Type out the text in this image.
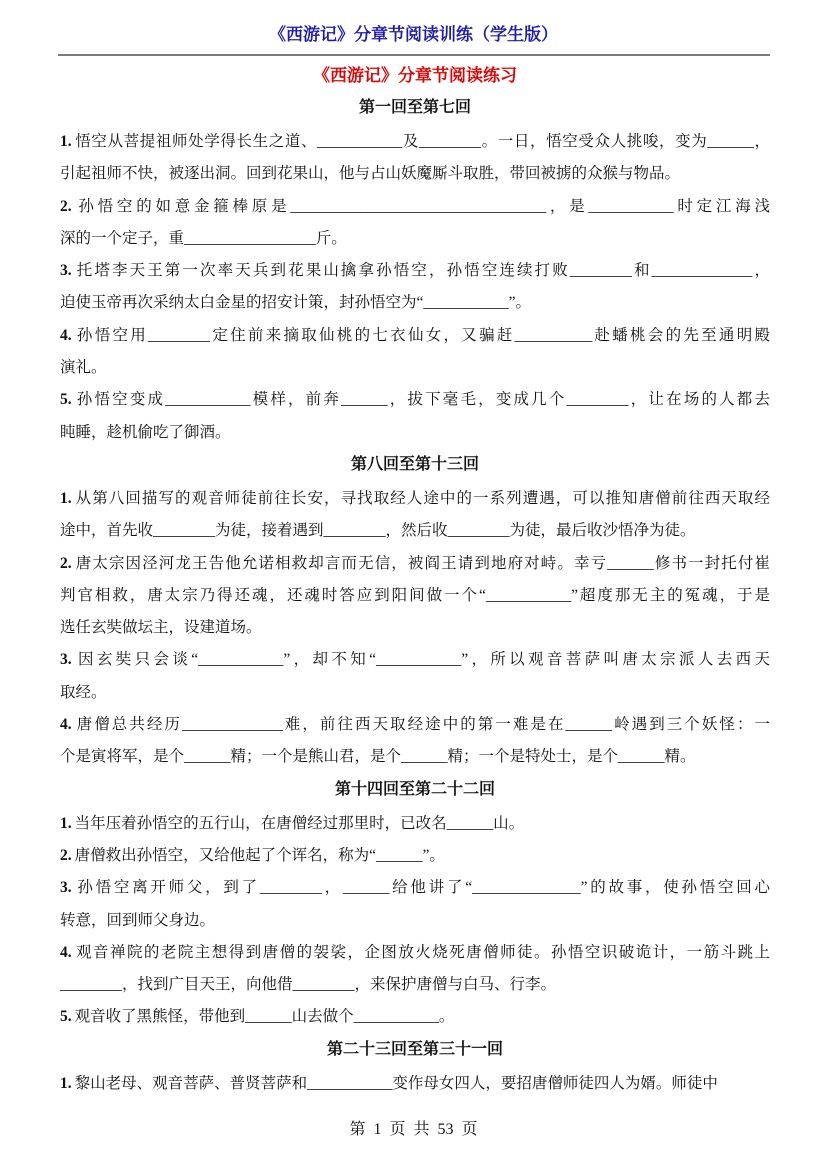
《西游记》分章节阅读训练（学生版）
《西游记》分章节阅读练习
第一回至第七回
1. 悟空从菩提祖师处学得长生之道、___________及________。一日，悟空受众人挑唆，变为______，
引起祖师不快，被逐出洞。回到花果山，他与占山妖魔厮斗取胜，带回被掳的众猴与物品。
2. 孙悟空的如意金箍棒原是_________________________________，是___________时定江海浅
深的一个定子，重_________________斤。
3. 托塔李天王第一次率天兵到花果山擒拿孙悟空，孙悟空连续打败________和_____________，
迫使玉帝再次采纳太白金星的招安计策，封孙悟空为“___________”。
4. 孙悟空用________定住前来摘取仙桃的七衣仙女，又骗赶__________赴蟠桃会的先至通明殿
演礼。
5. 孙悟空变成___________模样，前奔______，拔下毫毛，变成几个________，让在场的人都去
盹睡，趁机偷吃了御酒。
第八回至第十三回
1. 从第八回描写的观音师徒前往长安，寻找取经人途中的一系列遭遇，可以推知唐僧前往西天取经
途中，首先收________为徒，接着遇到________，然后收________为徒，最后收沙悟净为徒。
2. 唐太宗因泾河龙王告他允诺相救却言而无信，被阎王请到地府对峙。幸亏______修书一封托付崔
判官相救，唐太宗乃得还魂，还魂时答应到阳间做一个“___________”超度那无主的冤魂，于是
选任玄奘做坛主，设建道场。
3. 因玄奘只会谈“___________”，却不知“___________”，所以观音菩萨叫唐太宗派人去西天
取经。
4. 唐僧总共经历_____________难，前往西天取经途中的第一难是在______岭遇到三个妖怪：一
个是寅将军，是个______精；一个是熊山君，是个______精；一个是特处士，是个______精。
第十四回至第二十二回
1. 当年压着孙悟空的五行山，在唐僧经过那里时，已改名______山。
2. 唐僧救出孙悟空，又给他起了个诨名，称为“______”。
3. 孙悟空离开师父，到了________，______给他讲了“______________”的故事，使孙悟空回心
转意，回到师父身边。
4. 观音禅院的老院主想得到唐僧的袈裟，企图放火烧死唐僧师徒。孙悟空识破诡计，一筋斗跳上
________，找到广目天王，向他借________，来保护唐僧与白马、行李。
5. 观音收了黑熊怪，带他到______山去做个___________。
第二十三回至第三十一回
1. 黎山老母、观音菩萨、普贤菩萨和___________变作母女四人，要招唐僧师徒四人为婿。师徒中
第 1 页 共 53 页
